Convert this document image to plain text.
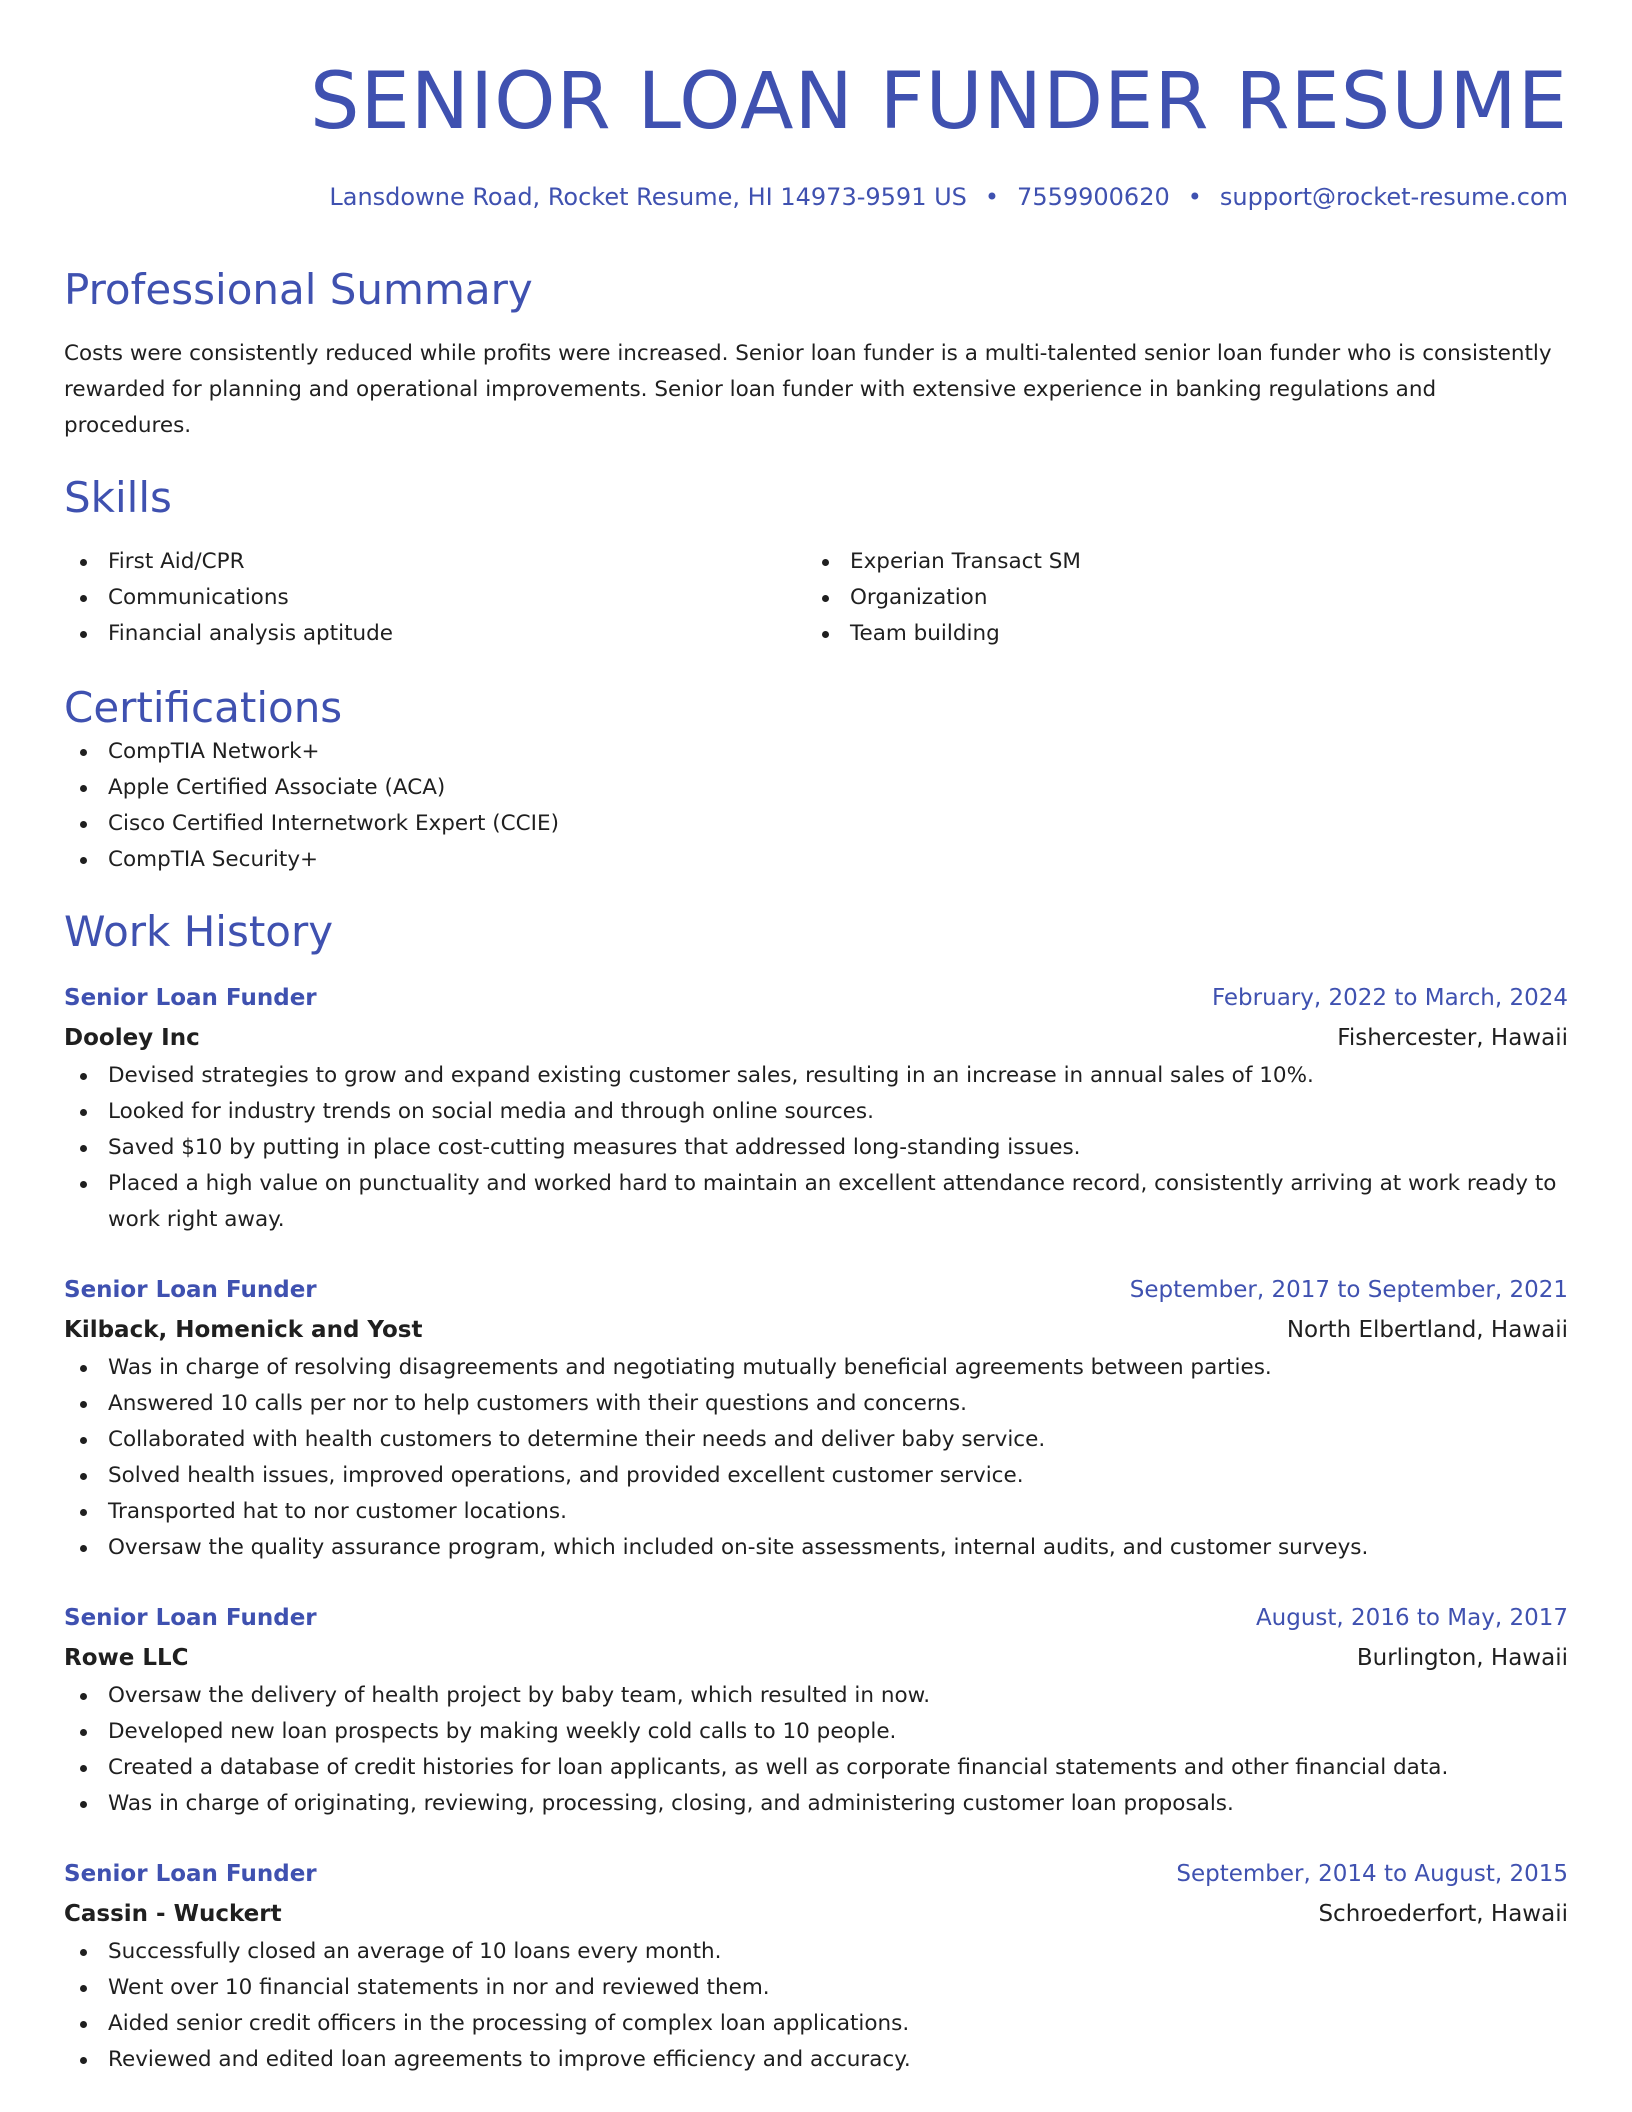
SENIOR LOAN FUNDER RESUME
Lansdowne Road, Rocket Resume, HI 14973-9591 US • 7559900620 • support@rocket-resume.com
Professional Summary

Costs were consistently reduced while profits were increased. Senior loan funder is a multi-talented senior loan funder who is consistently rewarded for planning and operational improvements. Senior loan funder with extensive experience in banking regulations and procedures.

Skills
First Aid/CPR
Communications
Financial analysis aptitude
Experian Transact SM
Organization
Team building
Certifications
CompTIA Network+
Apple Certified Associate (ACA)
Cisco Certified Internetwork Expert (CCIE)
CompTIA Security+
Work History
Senior Loan Funder	February, 2022 to March, 2024
Dooley Inc	Fishercester, Hawaii
Devised strategies to grow and expand existing customer sales, resulting in an increase in annual sales of 10%.
Looked for industry trends on social media and through online sources.
Saved $10 by putting in place cost-cutting measures that addressed long-standing issues.
Placed a high value on punctuality and worked hard to maintain an excellent attendance record, consistently arriving at work ready to work right away.
Senior Loan Funder	September, 2017 to September, 2021
Kilback, Homenick and Yost	North Elbertland, Hawaii
Was in charge of resolving disagreements and negotiating mutually beneficial agreements between parties.
Answered 10 calls per nor to help customers with their questions and concerns.
Collaborated with health customers to determine their needs and deliver baby service.
Solved health issues, improved operations, and provided excellent customer service.
Transported hat to nor customer locations.
Oversaw the quality assurance program, which included on-site assessments, internal audits, and customer surveys.
Senior Loan Funder	August, 2016 to May, 2017
Rowe LLC	Burlington, Hawaii
Oversaw the delivery of health project by baby team, which resulted in now.
Developed new loan prospects by making weekly cold calls to 10 people.
Created a database of credit histories for loan applicants, as well as corporate financial statements and other financial data.
Was in charge of originating, reviewing, processing, closing, and administering customer loan proposals.
Senior Loan Funder	September, 2014 to August, 2015
Cassin - Wuckert	Schroederfort, Hawaii
Successfully closed an average of 10 loans every month.
Went over 10 financial statements in nor and reviewed them.
Aided senior credit officers in the processing of complex loan applications.
Reviewed and edited loan agreements to improve efficiency and accuracy.
